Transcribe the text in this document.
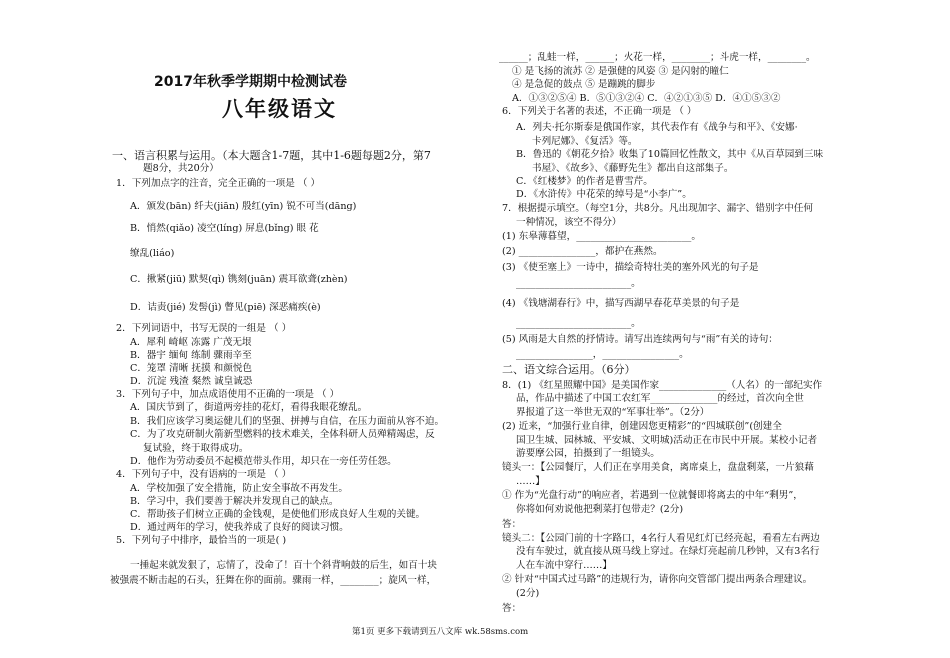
2017年秋季学期期中检测试卷
八年级语文
一、语言积累与运用。（本大题含1-7题，其中1-6题每题2分，第7
题8分，共20分）
1．下列加点字的注音，完全正确的一项是 （ ）
A．颁发(bān) 纤夫(jiān) 殷红(yīn) 锐不可当(dāng)
B．悄然(qiǎo) 凌空(líng) 屏息(bǐng) 眼 花
缭乱(liáo)
C．揪紧(jiū) 默契(qì) 镌刻(juān) 震耳欲聋(zhèn)
D．诘责(jié) 发髻(jì) 瞥见(piē) 深恶痛疾(è)
2．下列词语中，书写无误的一组是 （ ）
A．犀利 崎岖 冻露 广茂无垠
B．器宇 缅甸 练制 骤雨辛至
C．笼罩 清晰 抚摸 和颜悦色
D．沉淀 残渣 粲然 诚皇诚恐
3．下列句子中，加点成语使用不正确的一项是 （ ）
A．国庆节到了，街道两旁挂的花灯，看得我眼花缭乱。
B．我们应该学习奥运健儿们的坚强、拼搏与自信，在压力面前从容不迫。
C．为了攻克研制火箭新型燃料的技术难关，全体科研人员殚精竭虑，反
复试验，终于取得成功。
D．他作为劳动委员不起模范带头作用，却只在一旁任劳任怨。
4．下列句子中，没有语病的一项是 （ ）
A．学校加强了安全措施，防止安全事故不再发生。
B．学习中，我们要善于解决并发现自己的缺点。
C．帮助孩子们树立正确的金钱观，是使他们形成良好人生观的关键。
D．通过两年的学习，使我养成了良好的阅读习惯。
5．下列句子中排序，最恰当的一项是( )
一捶起来就发狠了，忘情了，没命了！百十个斜背响鼓的后生，如百十块
被强震不断击起的石头，狂舞在你的面前。骤雨一样，________；旋风一样，
______；乱蛙一样，______；火花一样，________；斗虎一样，________。
① 是飞扬的流苏 ② 是强健的风姿 ③ 是闪射的瞳仁
④ 是急促的鼓点 ⑤ 是蹦跳的脚步
A．①③②⑤④ B．⑤①③②④ C．④②①③⑤ D．④①⑤③②
6．下列关于名著的表述，不正确一项是 （ ）
A．列夫·托尔斯泰是俄国作家，其代表作有《战争与和平》、《安娜·
卡列尼娜》、《复活》等。
B．鲁迅的《朝花夕拾》收集了10篇回忆性散文，其中《从百草园到三味
书屋》、《故乡》、《藤野先生》都出自这部集子。
C．《红楼梦》的作者是曹雪芹。
D．《水浒传》中花荣的绰号是“小李广”。
7．根据提示填空。（每空1分，共8分。凡出现加字、漏字、错别字中任何
一种情况，该空不得分）
(1) 东皋薄暮望，________________________。
(2) ________________，都护在燕然。
(3) 《使至塞上》一诗中，描绘奇特壮美的塞外风光的句子是
________________________。
(4) 《钱塘湖春行》中，描写西湖早春花草美景的句子是
________________________。
(5) 风雨是大自然的抒情诗。请写出连续两句与“雨”有关的诗句：
________________，________________。
二、语文综合运用。（6分）
8．(1) 《红星照耀中国》是美国作家______________（人名）的一部纪实作
品，作品中描述了中国工农红军______________的经过，首次向全世
界报道了这一举世无双的“军事壮举”。（2分）
(2) 近来，“加强行业自律，创建因您更精彩”的“四城联创”(创建全
国卫生城、园林城、平安城、文明城)活动正在市民中开展。某校小记者
游要摩公园，拍摄到了一组镜头。
镜头一：【公园餐厅，人们正在享用美食，离席桌上，盘盘剩菜，一片狼藉
……】
① 作为“光盘行动”的响应者，若遇到一位就餐即将离去的中年“剩男”，
你将如何劝说他把剩菜打包带走？(2分)
答：
镜头二：【公园门前的十字路口，4名行人看见红灯已经亮起，看看左右两边
没有车驶过，就直接从斑马线上穿过。在绿灯亮起前几秒钟，又有3名行
人在车流中穿行……】
② 针对“中国式过马路”的违规行为，请你向交管部门提出两条合理建议。
(2分)
答：
第1页 更多下载请到五八文库 wk.58sms.com
